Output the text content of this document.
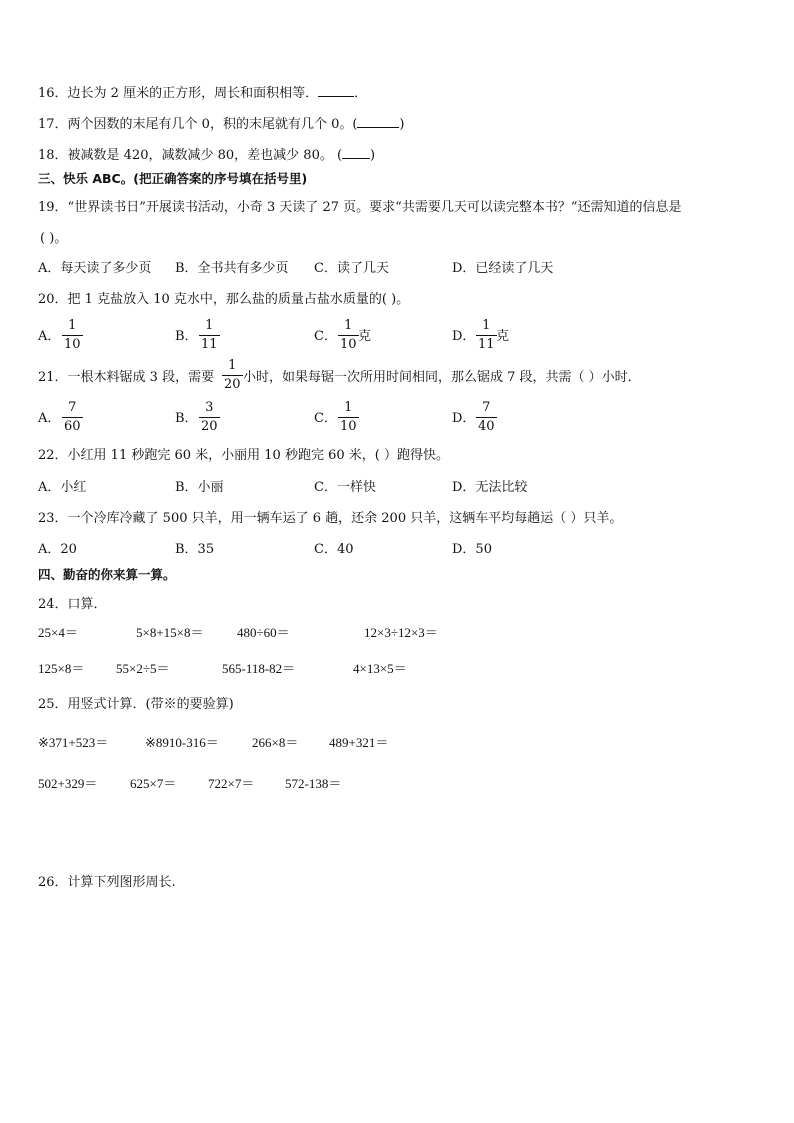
16．边长为 2 厘米的正方形，周长和面积相等．	．
17．两个因数的末尾有几个 0，积的末尾就有几个 0。(	)
18．被减数是 420，减数减少 80，差也减少 80。 ( )
三、快乐 ABC。(把正确答案的序号填在括号里)
19．“世界读书日”开展读书活动，小奇 3 天读了 27 页。要求“共需要几天可以读完整本书？”还需知道的信息是
( )。
A．每天读了多少页 B．全书共有多少页 C．读了几天	D．已经读了几天
20．把 1 克盐放入 10 克水中，那么盐的质量占盐水质量的( )。
A．
1
10
B．
1
11
C．
1
10
克	D．
1
11
克
21．一根木料锯成 3 段，需要
1
20 小时，如果每锯一次所用时间相同，那么锯成 7 段，共需（ ）小时．
A．
7
60
B．
3
20
C．
1
10
D．
7
40
22．小红用 11 秒跑完 60 米，小丽用 10 秒跑完 60 米，( ）跑得快。
A．小红	B．小丽	C．一样快	D．无法比较
23．一个冷库冷藏了 500 只羊，用一辆车运了 6 趟，还余 200 只羊，这辆车平均每趟运（ ）只羊。
A．20	B．35	C．40	D．50
四、勤奋的你来算一算。
24．口算．
25×4＝	5×8+15×8＝	480÷60＝	12×3÷12×3＝
125×8＝ 55×2÷5＝	565-118-82＝	4×13×5＝
25．用竖式计算．(带※的要验算)
※371+523＝	※8910-316＝	266×8＝ 489+321＝
502+329＝	625×7＝ 722×7＝ 572-138＝
26．计算下列图形周长.
